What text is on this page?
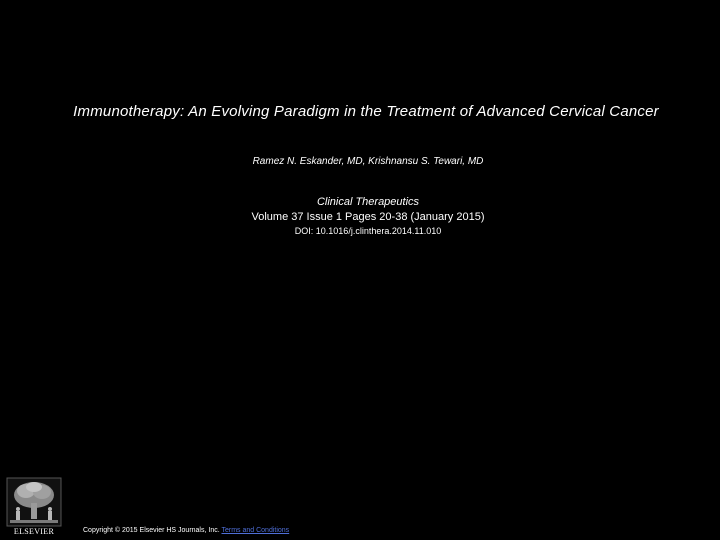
Immunotherapy: An Evolving Paradigm in the Treatment of Advanced Cervical Cancer
Ramez N. Eskander, MD, Krishnansu S. Tewari, MD
Clinical Therapeutics
Volume 37 Issue 1 Pages 20-38 (January 2015)
DOI: 10.1016/j.clinthera.2014.11.010
ELSEVIER	Copyright © 2015 Elsevier HS Journals, Inc. Terms and Conditions
